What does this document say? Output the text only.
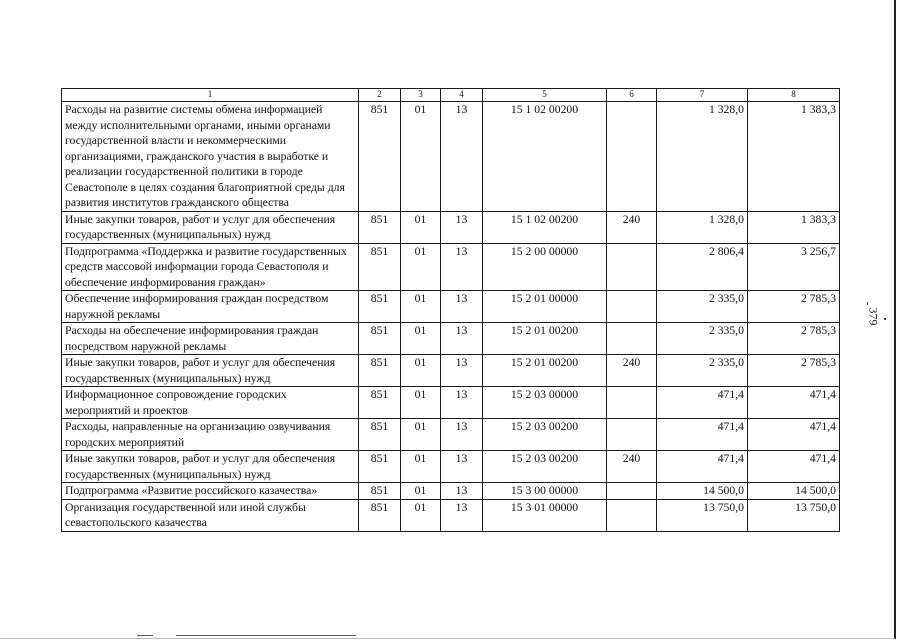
379
1	2	3	4	5	6	7	8
Расходы на развитие системы обмена информацией между исполнительными органами, иными органами государственной власти и некоммерческими организациями, гражданского участия в выработке и реализации государственной политики в городе Севастополе в целях создания благоприятной среды для развития институтов гражданского общества	851	01	13	15 1 02 00200		1 328,0	1 383,3
Иные закупки товаров, работ и услуг для обеспечения государственных (муниципальных) нужд	851	01	13	15 1 02 00200	240	1 328,0	1 383,3
Подпрограмма «Поддержка и развитие государственных средств массовой информации города Севастополя и обеспечение информирования граждан»	851	01	13	15 2 00 00000		2 806,4	3 256,7
Обеспечение информирования граждан посредством наружной рекламы	851	01	13	15 2 01 00000		2 335,0	2 785,3
Расходы на обеспечение информирования граждан посредством наружной рекламы	851	01	13	15 2 01 00200		2 335,0	2 785,3
Иные закупки товаров, работ и услуг для обеспечения государственных (муниципальных) нужд	851	01	13	15 2 01 00200	240	2 335,0	2 785,3
Информационное сопровождение городских мероприятий и проектов	851	01	13	15 2 03 00000		471,4	471,4
Расходы, направленные на организацию озвучивания городских мероприятий	851	01	13	15 2 03 00200		471,4	471,4
Иные закупки товаров, работ и услуг для обеспечения государственных (муниципальных) нужд	851	01	13	15 2 03 00200	240	471,4	471,4
Подпрограмма «Развитие российского казачества»	851	01	13	15 3 00 00000		14 500,0	14 500,0
Организация государственной или иной службы севастопольского казачества	851	01	13	15 3 01 00000		13 750,0	13 750,0
